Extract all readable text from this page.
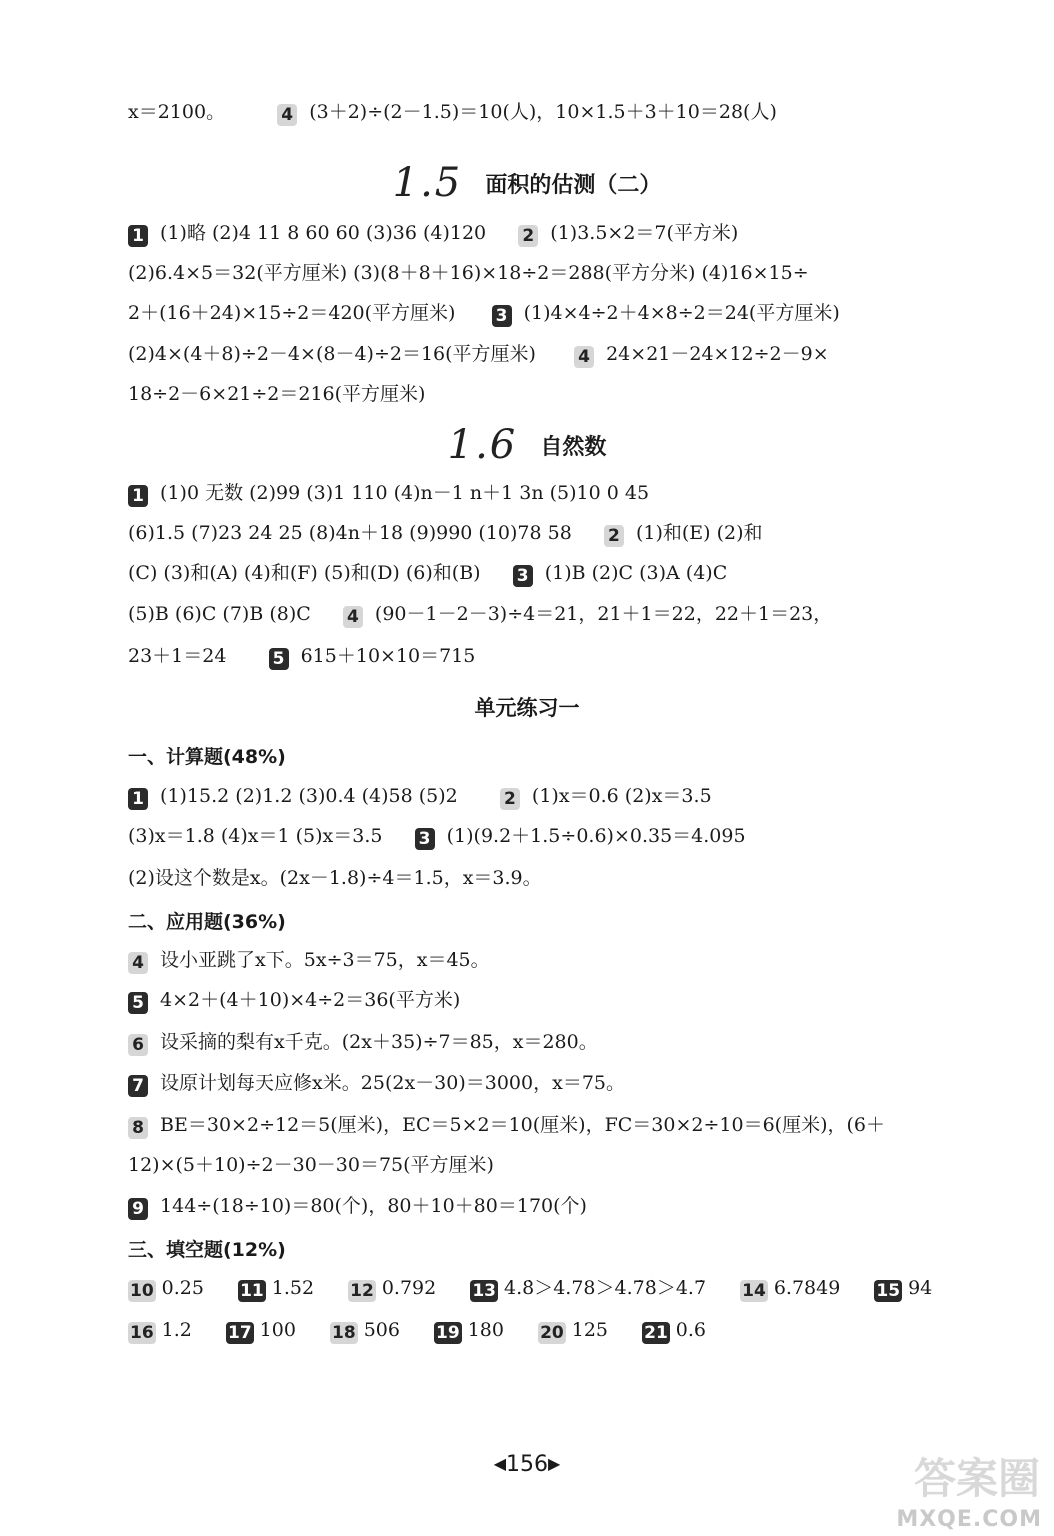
x＝2100。	4 (3＋2)÷(2－1.5)＝10(人)，10×1.5＋3＋10＝28(人)
1.5 面积的估测（二）
1 (1)略 (2)4 11 8 60 60 (3)36 (4)120 2 (1)3.5×2＝7(平方米)
(2)6.4×5＝32(平方厘米) (3)(8＋8＋16)×18÷2＝288(平方分米) (4)16×15÷
2＋(16＋24)×15÷2＝420(平方厘米) 3 (1)4×4÷2＋4×8÷2＝24(平方厘米)
(2)4×(4＋8)÷2－4×(8－4)÷2＝16(平方厘米) 4 24×21－24×12÷2－9×
18÷2－6×21÷2＝216(平方厘米)
1.6 自然数
1 (1)0 无数 (2)99 (3)1 110 (4)n－1 n＋1 3n (5)10 0 45
(6)1.5 (7)23 24 25 (8)4n＋18 (9)990 (10)78 58 2 (1)和(E) (2)和
(C) (3)和(A) (4)和(F) (5)和(D) (6)和(B) 3 (1)B (2)C (3)A (4)C
(5)B (6)C (7)B (8)C 4 (90－1－2－3)÷4＝21，21＋1＝22，22＋1＝23，
23＋1＝24	5 615＋10×10＝715
单元练习一
一、计算题(48%)
1 (1)15.2 (2)1.2 (3)0.4 (4)58 (5)2	2 (1)x＝0.6 (2)x＝3.5
(3)x＝1.8 (4)x＝1 (5)x＝3.5 3 (1)(9.2＋1.5÷0.6)×0.35＝4.095
(2)设这个数是x。(2x－1.8)÷4＝1.5，x＝3.9。
二、应用题(36%)
4 设小亚跳了x下。5x÷3＝75，x＝45。
5 4×2＋(4＋10)×4÷2＝36(平方米)
6 设采摘的梨有x千克。(2x＋35)÷7＝85，x＝280。
7 设原计划每天应修x米。25(2x－30)＝3000，x＝75。
8 BE＝30×2÷12＝5(厘米)，EC＝5×2＝10(厘米)，FC＝30×2÷10＝6(厘米)，(6＋
12)×(5＋10)÷2－30－30＝75(平方厘米)
9 144÷(18÷10)＝80(个)，80＋10＋80＝170(个)
三、填空题(12%)
10 0.25 11 1.52 12 0.792 13 4.8̇＞4.78＞4.7̇8̇＞4.7̇ 14 6.7849 15 94
16 1.2 17 100 18 506 19 180 20 125 21 0.6
◀156▶	答案圈
MXQE.COM
